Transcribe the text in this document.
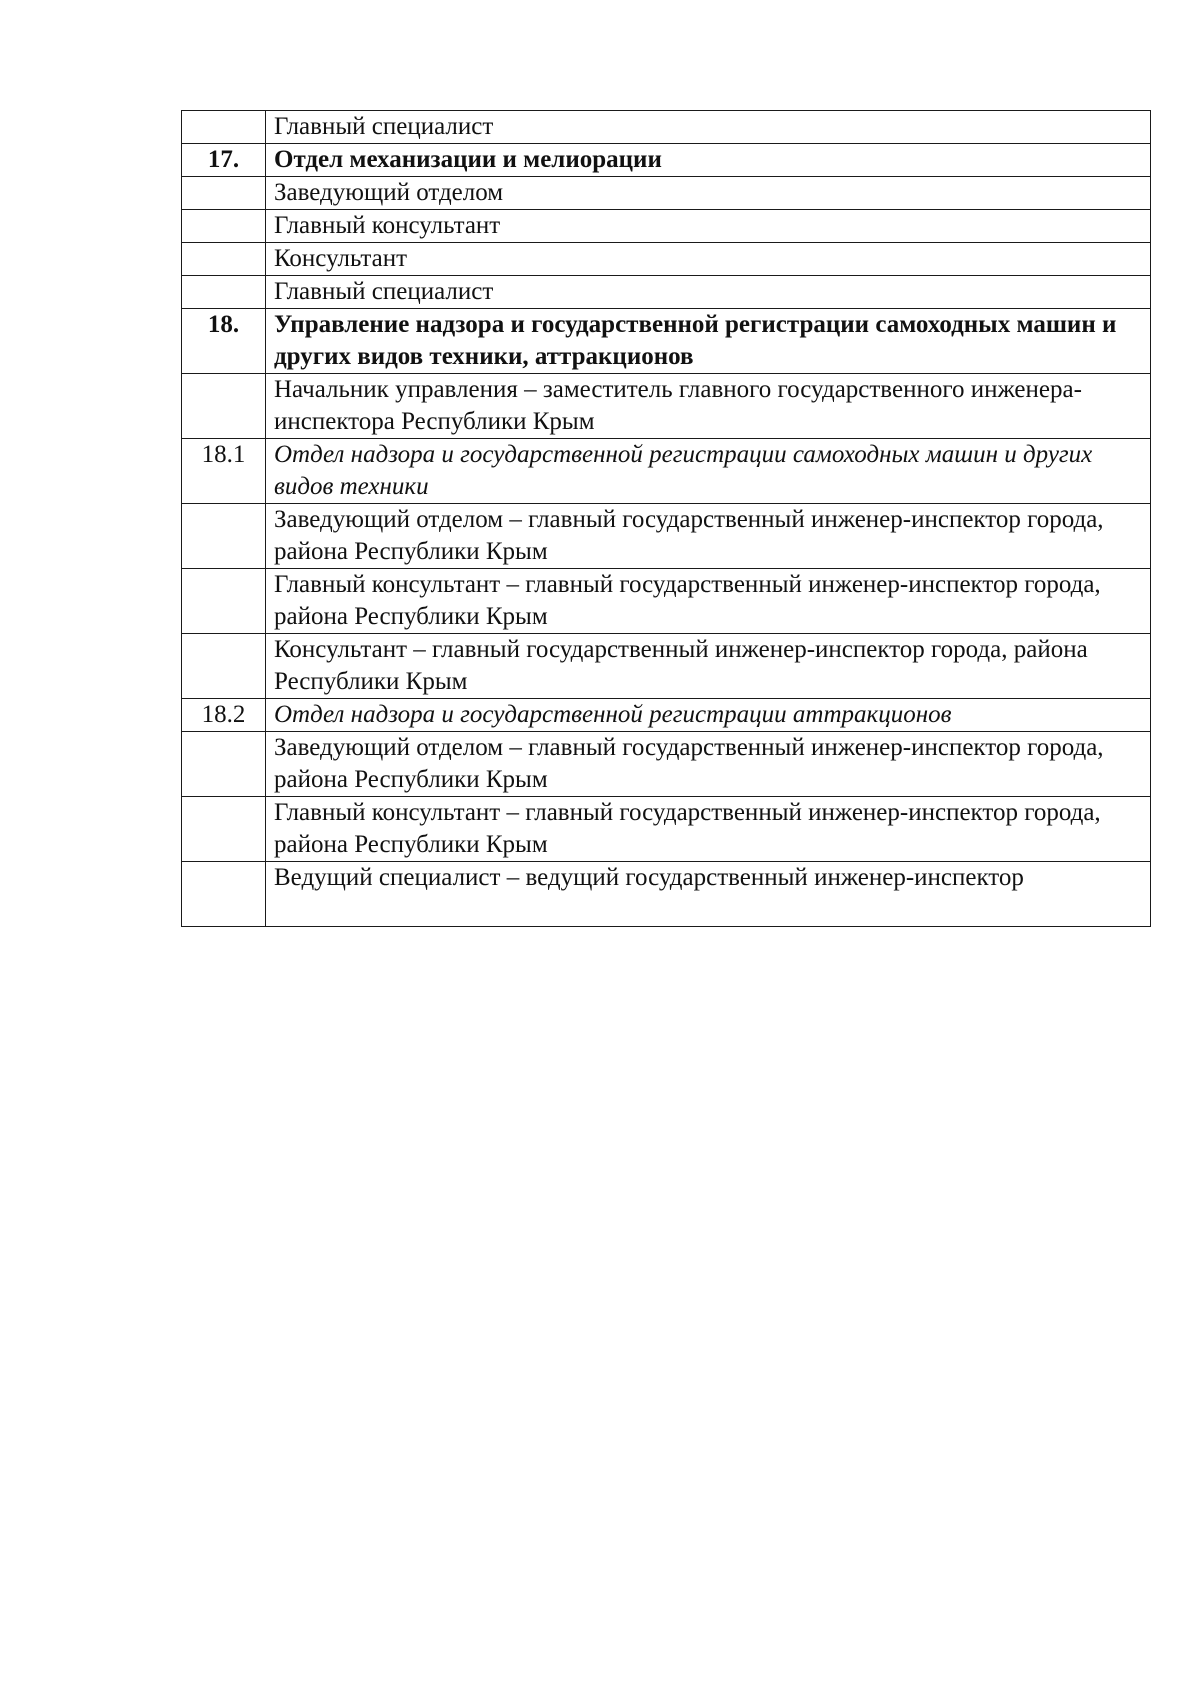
	Главный специалист
17.	Отдел механизации и мелиорации
	Заведующий отделом
	Главный консультант
	Консультант
	Главный специалист
18.	Управление надзора и государственной регистрации самоходных машин и других видов техники, аттракционов
	Начальник управления – заместитель главного государственного инженера-инспектора Республики Крым
18.1	Отдел надзора и государственной регистрации самоходных машин и других видов техники
	Заведующий отделом – главный государственный инженер-инспектор города, района Республики Крым
	Главный консультант – главный государственный инженер-инспектор города, района Республики Крым
	Консультант – главный государственный инженер-инспектор города, района Республики Крым
18.2	Отдел надзора и государственной регистрации аттракционов
	Заведующий отделом – главный государственный инженер-инспектор города, района Республики Крым
	Главный консультант – главный государственный инженер-инспектор города, района Республики Крым
	Ведущий специалист – ведущий государственный инженер-инспектор
